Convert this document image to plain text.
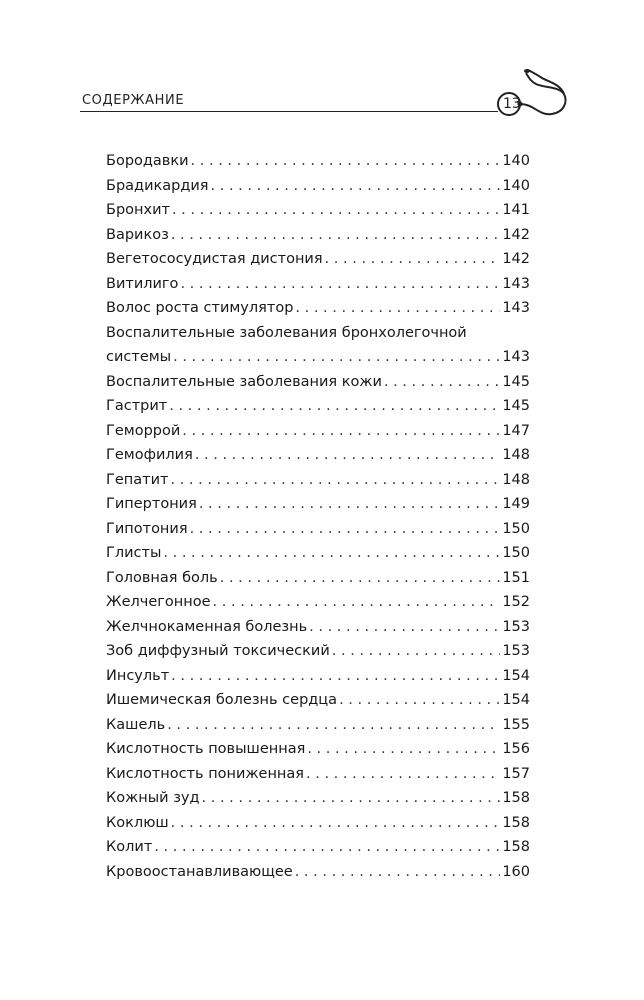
СОДЕРЖАНИЕ	13
Бородавки . . .	140
Брадикардия . . .	140
Бронхит . . .	141
Варикоз . . .	142
Вегетососудистая дистония . . .	142
Витилиго . . .	143
Волос роста стимулятор . . .	143
Воспалительные заболевания бронхолегочной
системы . . .	143
Воспалительные заболевания кожи . . .	145
Гастрит . . .	145
Геморрой . . .	147
Гемофилия . . .	148
Гепатит . . .	148
Гипертония . . .	149
Гипотония . . .	150
Глисты . . .	150
Головная боль . . .	151
Желчегонное . . .	152
Желчнокаменная болезнь . . .	153
Зоб диффузный токсический . . .	153
Инсульт . . .	154
Ишемическая болезнь сердца . . .	154
Кашель . . .	155
Кислотность повышенная . . .	156
Кислотность пониженная . . .	157
Кожный зуд . . .	158
Коклюш . . .	158
Колит . . .	158
Кровоостанавливающее . . .	160
